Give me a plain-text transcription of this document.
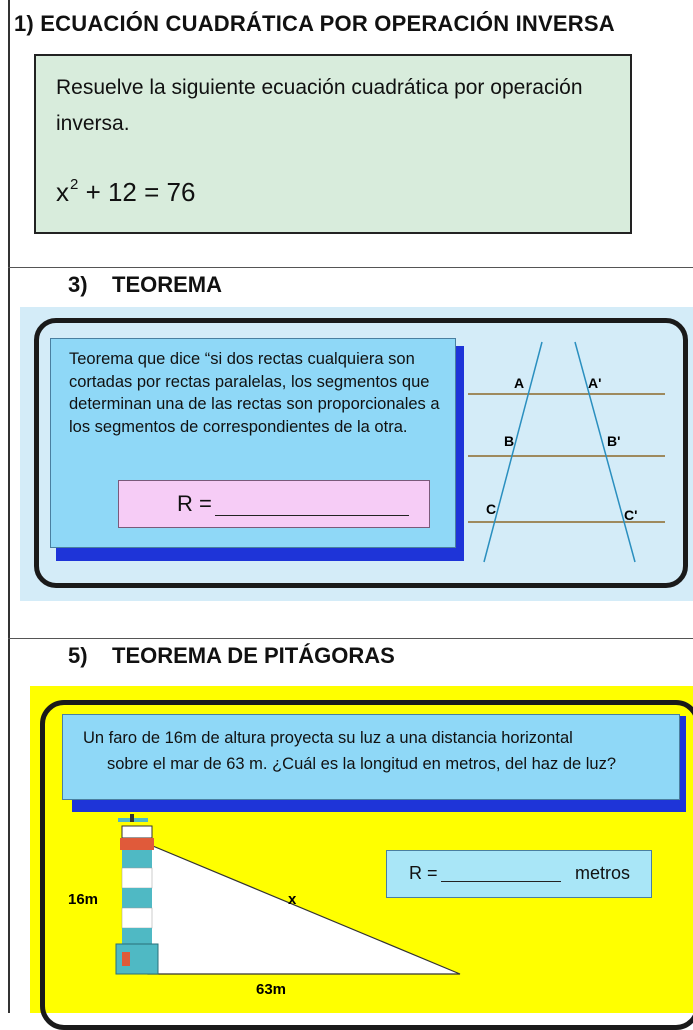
1) ECUACIÓN CUADRÁTICA POR OPERACIÓN INVERSA
Resuelve la siguiente ecuación cuadrática por operación inversa.
$x^2 + 12 = 76$
3)    TEOREMA
Teorema que dice “si dos rectas cualquiera son cortadas por rectas paralelas, los segmentos que determinan una de las rectas son proporcionales a los segmentos de correspondientes de la otra.
R =
A	A'
B	B'
C	C'
5)    TEOREMA DE PITÁGORAS
Un faro de 16m de altura proyecta su luz a una distancia horizontal
sobre el mar de 63 m. ¿Cuál es la longitud en metros, del haz de luz?
R =	metros
16m	x
63m
